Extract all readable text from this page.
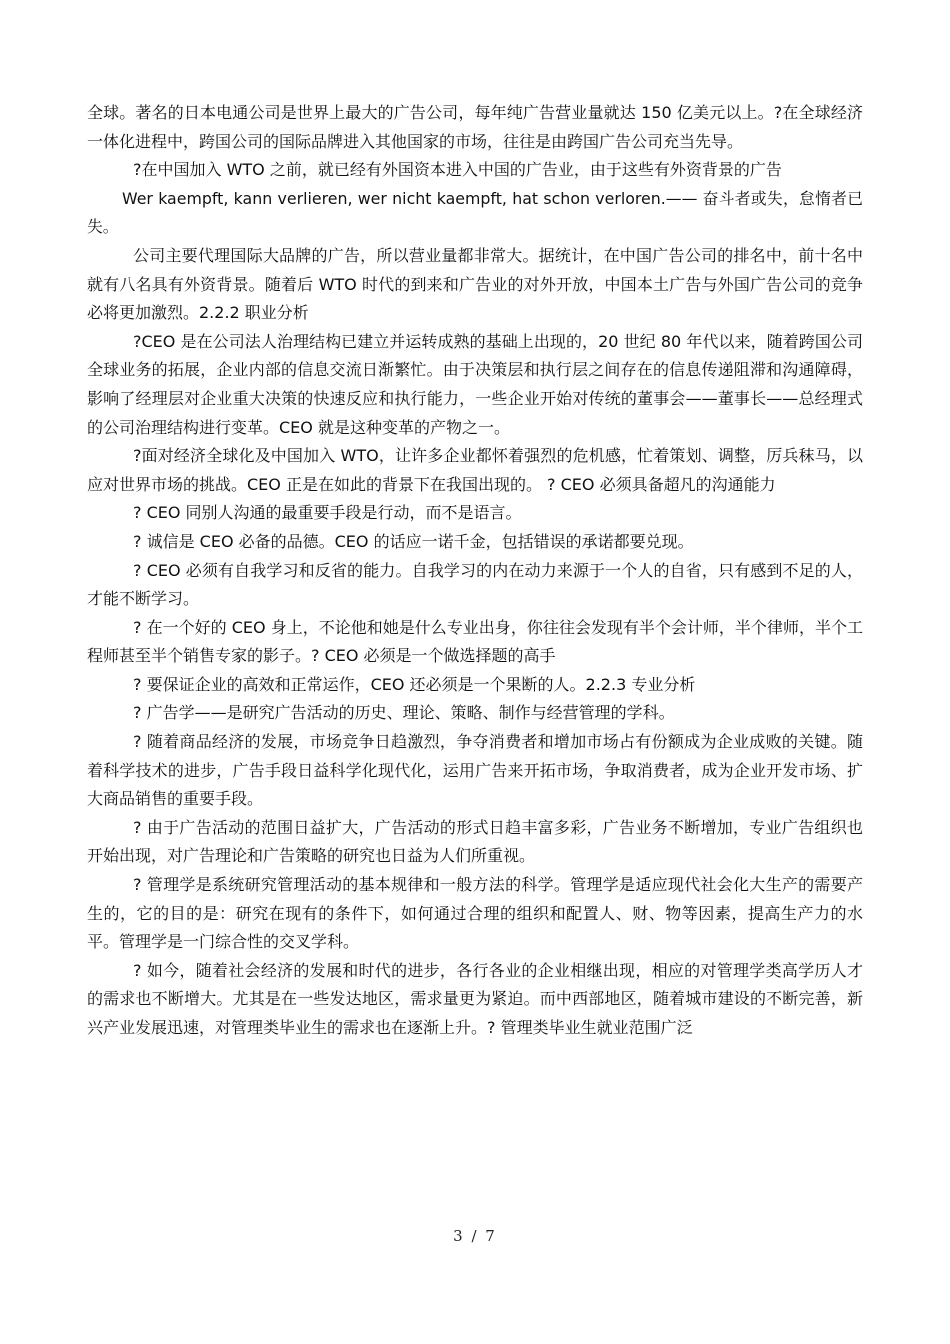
全球。著名的日本电通公司是世界上最大的广告公司，每年纯广告营业量就达 150 亿美元以上。?在全球经济一体化进程中，跨国公司的国际品牌进入其他国家的市场，往往是由跨国广告公司充当先导。

?在中国加入 WTO 之前，就已经有外国资本进入中国的广告业，由于这些有外资背景的广告

Wer kaempft, kann verlieren, wer nicht kaempft, hat schon verloren.—— 奋斗者或失，怠惰者已失。

公司主要代理国际大品牌的广告，所以营业量都非常大。据统计，在中国广告公司的排名中，前十名中就有八名具有外资背景。随着后 WTO 时代的到来和广告业的对外开放，中国本土广告与外国广告公司的竞争必将更加激烈。2.2.2 职业分析

?CEO 是在公司法人治理结构已建立并运转成熟的基础上出现的，20 世纪 80 年代以来，随着跨国公司全球业务的拓展，企业内部的信息交流日渐繁忙。由于决策层和执行层之间存在的信息传递阻滞和沟通障碍，影响了经理层对企业重大决策的快速反应和执行能力，一些企业开始对传统的董事会——董事长——总经理式的公司治理结构进行变革。CEO 就是这种变革的产物之一。

?面对经济全球化及中国加入 WTO，让许多企业都怀着强烈的危机感，忙着策划、调整，厉兵秣马，以应对世界市场的挑战。CEO 正是在如此的背景下在我国出现的。 ? CEO 必须具备超凡的沟通能力

? CEO 同别人沟通的最重要手段是行动，而不是语言。

? 诚信是 CEO 必备的品德。CEO 的话应一诺千金，包括错误的承诺都要兑现。

? CEO 必须有自我学习和反省的能力。自我学习的内在动力来源于一个人的自省，只有感到不足的人，才能不断学习。

? 在一个好的 CEO 身上，不论他和她是什么专业出身，你往往会发现有半个会计师，半个律师，半个工程师甚至半个销售专家的影子。? CEO 必须是一个做选择题的高手

? 要保证企业的高效和正常运作，CEO 还必须是一个果断的人。2.2.3 专业分析

? 广告学——是研究广告活动的历史、理论、策略、制作与经营管理的学科。

? 随着商品经济的发展，市场竞争日趋激烈，争夺消费者和增加市场占有份额成为企业成败的关键。随着科学技术的进步，广告手段日益科学化现代化，运用广告来开拓市场，争取消费者，成为企业开发市场、扩大商品销售的重要手段。

? 由于广告活动的范围日益扩大，广告活动的形式日趋丰富多彩，广告业务不断增加，专业广告组织也开始出现，对广告理论和广告策略的研究也日益为人们所重视。

? 管理学是系统研究管理活动的基本规律和一般方法的科学。管理学是适应现代社会化大生产的需要产生的，它的目的是：研究在现有的条件下，如何通过合理的组织和配置人、财、物等因素，提高生产力的水平。管理学是一门综合性的交叉学科。

? 如今，随着社会经济的发展和时代的进步，各行各业的企业相继出现，相应的对管理学类高学历人才的需求也不断增大。尤其是在一些发达地区，需求量更为紧迫。而中西部地区，随着城市建设的不断完善，新兴产业发展迅速，对管理类毕业生的需求也在逐渐上升。? 管理类毕业生就业范围广泛

3 / 7
